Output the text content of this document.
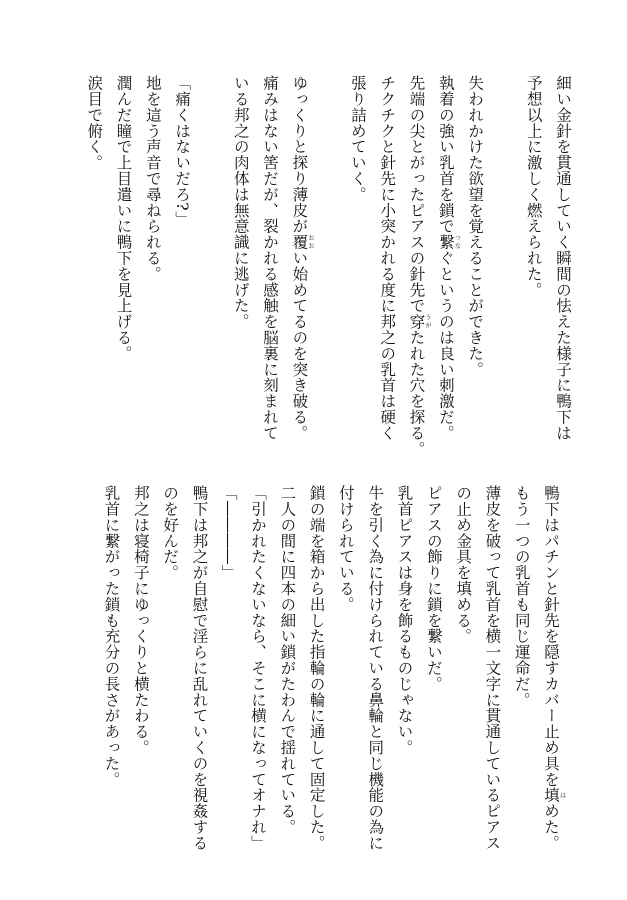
細い金針を貫通していく瞬間の怯えた様子に鴨下は
予想以上に激しく燃えられた。
失われかけた欲望を覚えることができた。
執着の強い乳首を鎖で繋つなぐというのは良い刺激だ。
先端の尖とがったピアスの針先で穿うがたれた穴を探る。
チクチクと針先に小突かれる度に邦之の乳首は硬く
張り詰めていく。
ゆっくりと探り薄皮が覆おおい始めてるのを突き破る。
痛みはない筈だが、裂かれる感触を脳裏に刻まれて
いる邦之の肉体は無意識に逃げた。
「痛くはないだろ?」
地を這う声音で尋ねられる。
潤んだ瞳で上目遣いに鴨下を見上げる。
涙目で俯く。
鴨下はパチンと針先を隠すカバー止め具を填はめた。
もう一つの乳首も同じ運命だ。
薄皮を破って乳首を横一文字に貫通しているピアス
の止め金具を填める。
ピアスの飾りに鎖を繋いだ。
乳首ピアスは身を飾るものじゃない。
牛を引く為に付けられている鼻輪と同じ機能の為に
付けられている。
鎖の端を箱から出した指輪の輪に通して固定した。
二人の間に四本の細い鎖がたわんで揺れている。
「引かれたくないなら、そこに横になってオナれ」
「――――」
鴨下は邦之が自慰で淫らに乱れていくのを視姦する
のを好んだ。
邦之は寝椅子にゆっくりと横たわる。
乳首に繋がった鎖も充分の長さがあった。
